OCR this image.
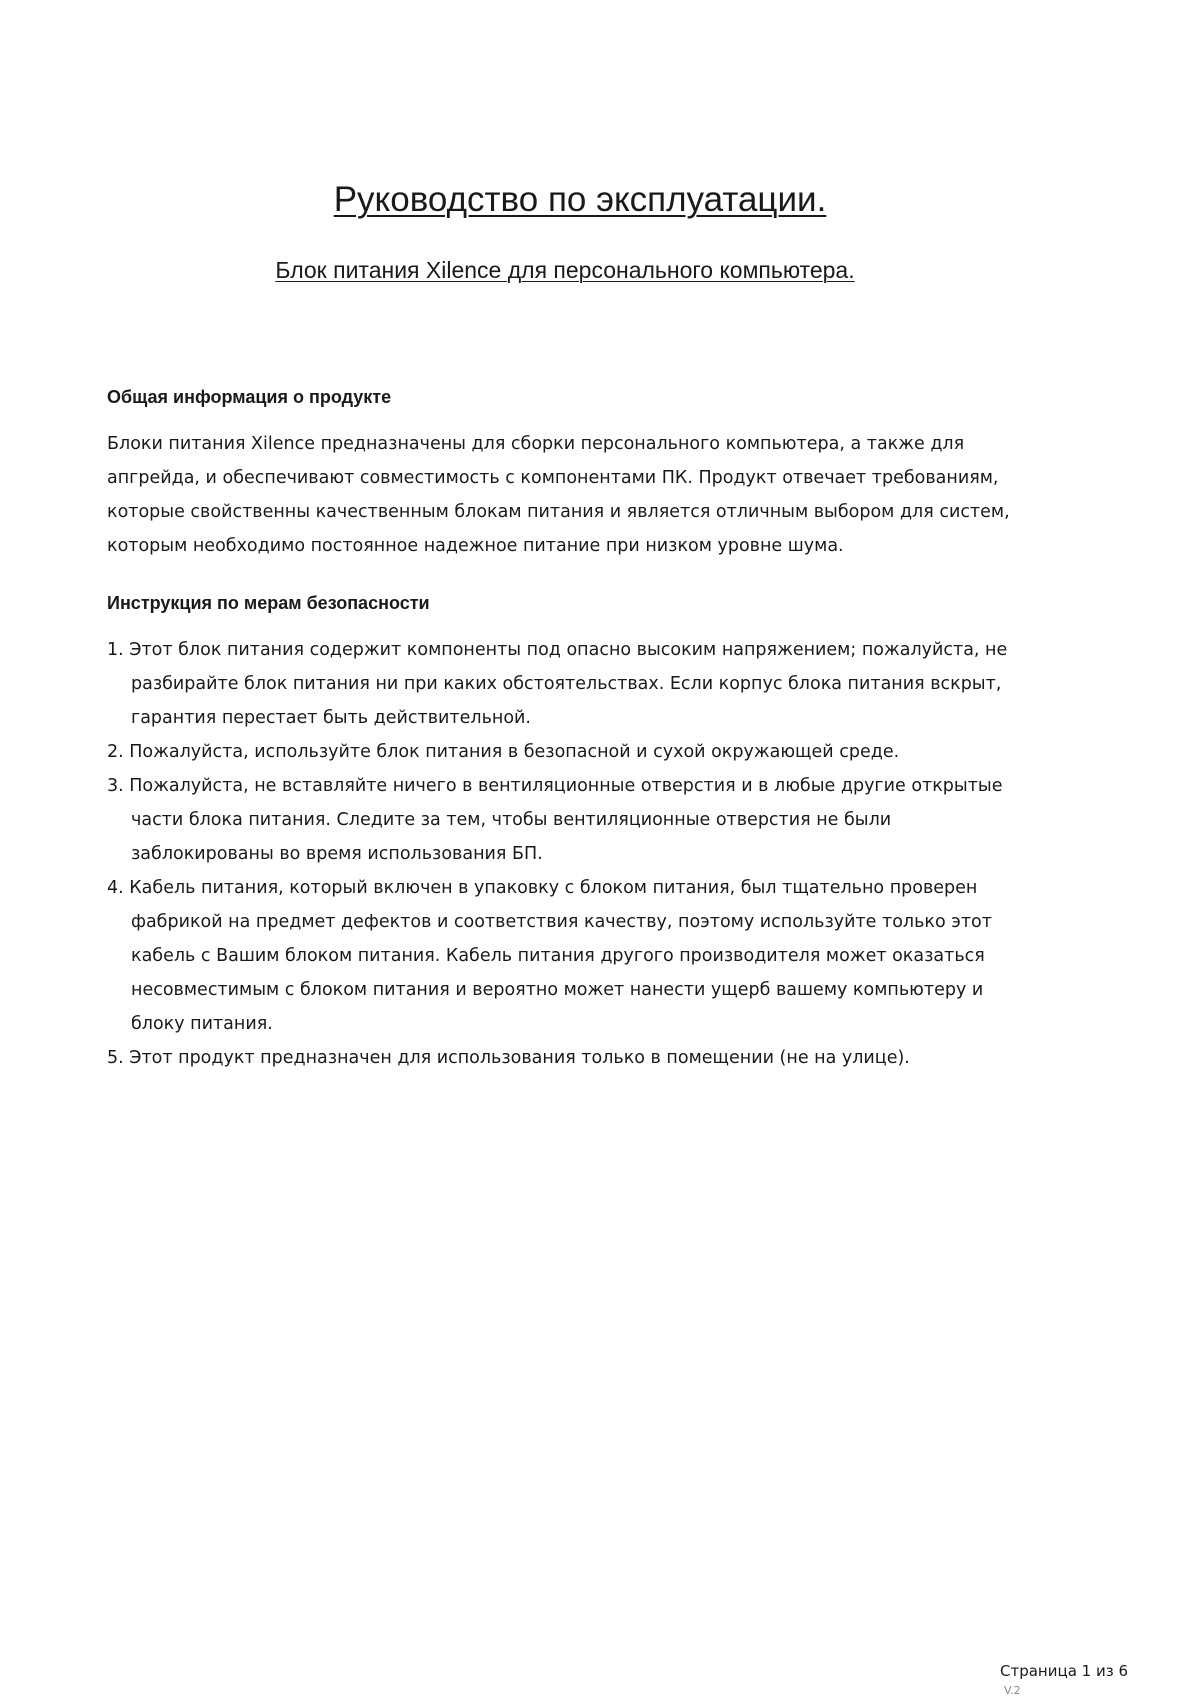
Руководство по эксплуатации.
Блок питания Xilence для персонального компьютера.
Общая информация о продукте

Блоки питания Xilence предназначены для сборки персонального компьютера, а также для апгрейда, и обеспечивают совместимость с компонентами ПК. Продукт отвечает требованиям, которые свойственны качественным блокам питания и является отличным выбором для систем, которым необходимо постоянное надежное питание при низком уровне шума.

Инструкция по мерам безопасности
1. Этот блок питания содержит компоненты под опасно высоким напряжением; пожалуйста, не разбирайте блок питания ни при каких обстоятельствах. Если корпус блока питания вскрыт, гарантия перестает быть действительной.
2. Пожалуйста, используйте блок питания в безопасной и сухой окружающей среде.
3. Пожалуйста, не вставляйте ничего в вентиляционные отверстия и в любые другие открытые части блока питания. Следите за тем, чтобы вентиляционные отверстия не были заблокированы во время использования БП.
4. Кабель питания, который включен в упаковку с блоком питания, был тщательно проверен фабрикой на предмет дефектов и соответствия качеству, поэтому используйте только этот кабель с Вашим блоком питания. Кабель питания другого производителя может оказаться несовместимым с блоком питания и вероятно может нанести ущерб вашему компьютеру и блоку питания.
5. Этот продукт предназначен для использования только в помещении (не на улице).
Страница 1 из 6
V.2
